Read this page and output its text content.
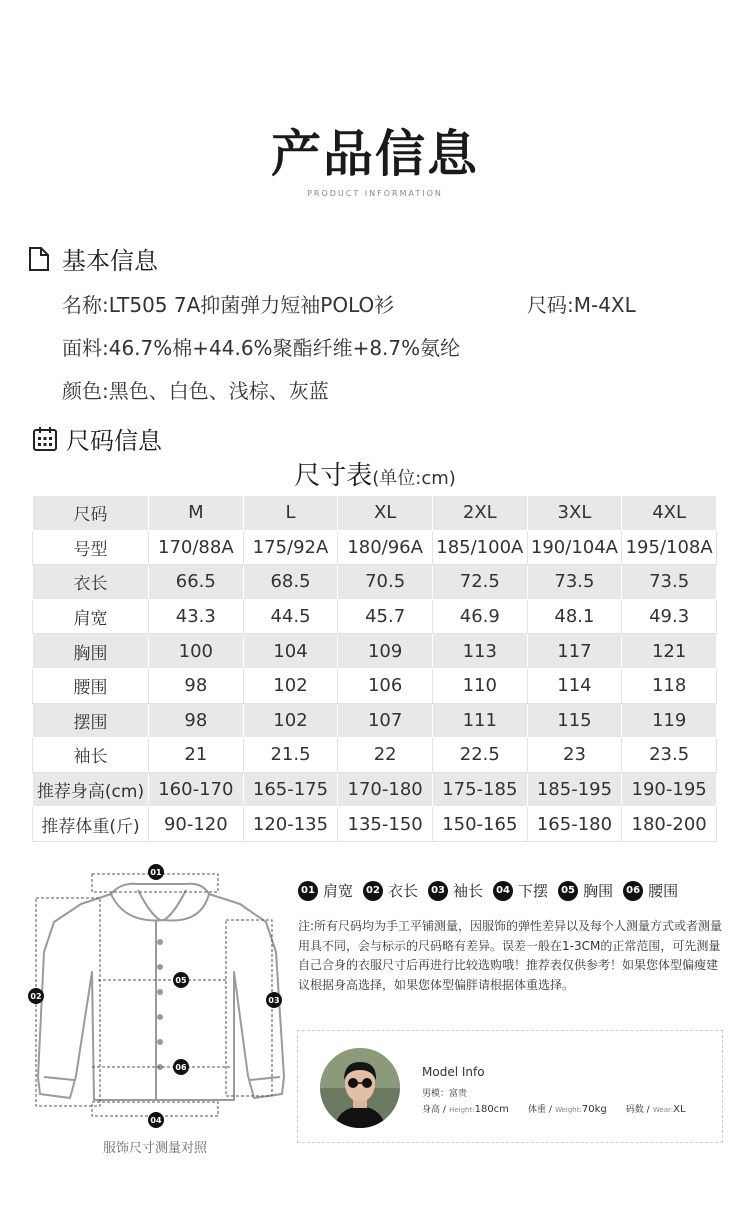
产品信息
PRODUCT INFORMATION
基本信息
名称:LT505 7A抑菌弹力短袖POLO衫	尺码:M-4XL
面料:46.7%棉+44.6%聚酯纤维+8.7%氨纶
颜色:黑色、白色、浅棕、灰蓝
尺码信息
尺寸表(单位:cm)
尺码	M	L	XL	2XL	3XL	4XL
号型	170/88A	175/92A	180/96A	185/100A	190/104A	195/108A
衣长	66.5	68.5	70.5	72.5	73.5	73.5
肩宽	43.3	44.5	45.7	46.9	48.1	49.3
胸围	100	104	109	113	117	121
腰围	98	102	106	110	114	118
摆围	98	102	107	111	115	119
袖长	21	21.5	22	22.5	23	23.5
推荐身高(cm)	160-170	165-175	170-180	175-185	185-195	190-195
推荐体重(斤)	90-120	120-135	135-150	150-165	165-180	180-200
01
02	03
04
05
06
服饰尺寸测量对照
01 肩宽	02 衣长	03 袖长	04 下摆	05 胸围	06 腰围
注:所有尺码均为手工平铺测量，因服饰的弹性差异以及每个人测量方式或者测量用具不同，会与标示的尺码略有差异。误差一般在1-3CM的正常范围，可先测量自己合身的衣服尺寸后再进行比较选购哦！推荐表仅供参考！如果您体型偏瘦建议根据身高选择，如果您体型偏胖请根据体重选择。
Model Info
男模：富贵
身高 / Height:180cm 体重 / Weight:70kg 码数 / Wear:XL
